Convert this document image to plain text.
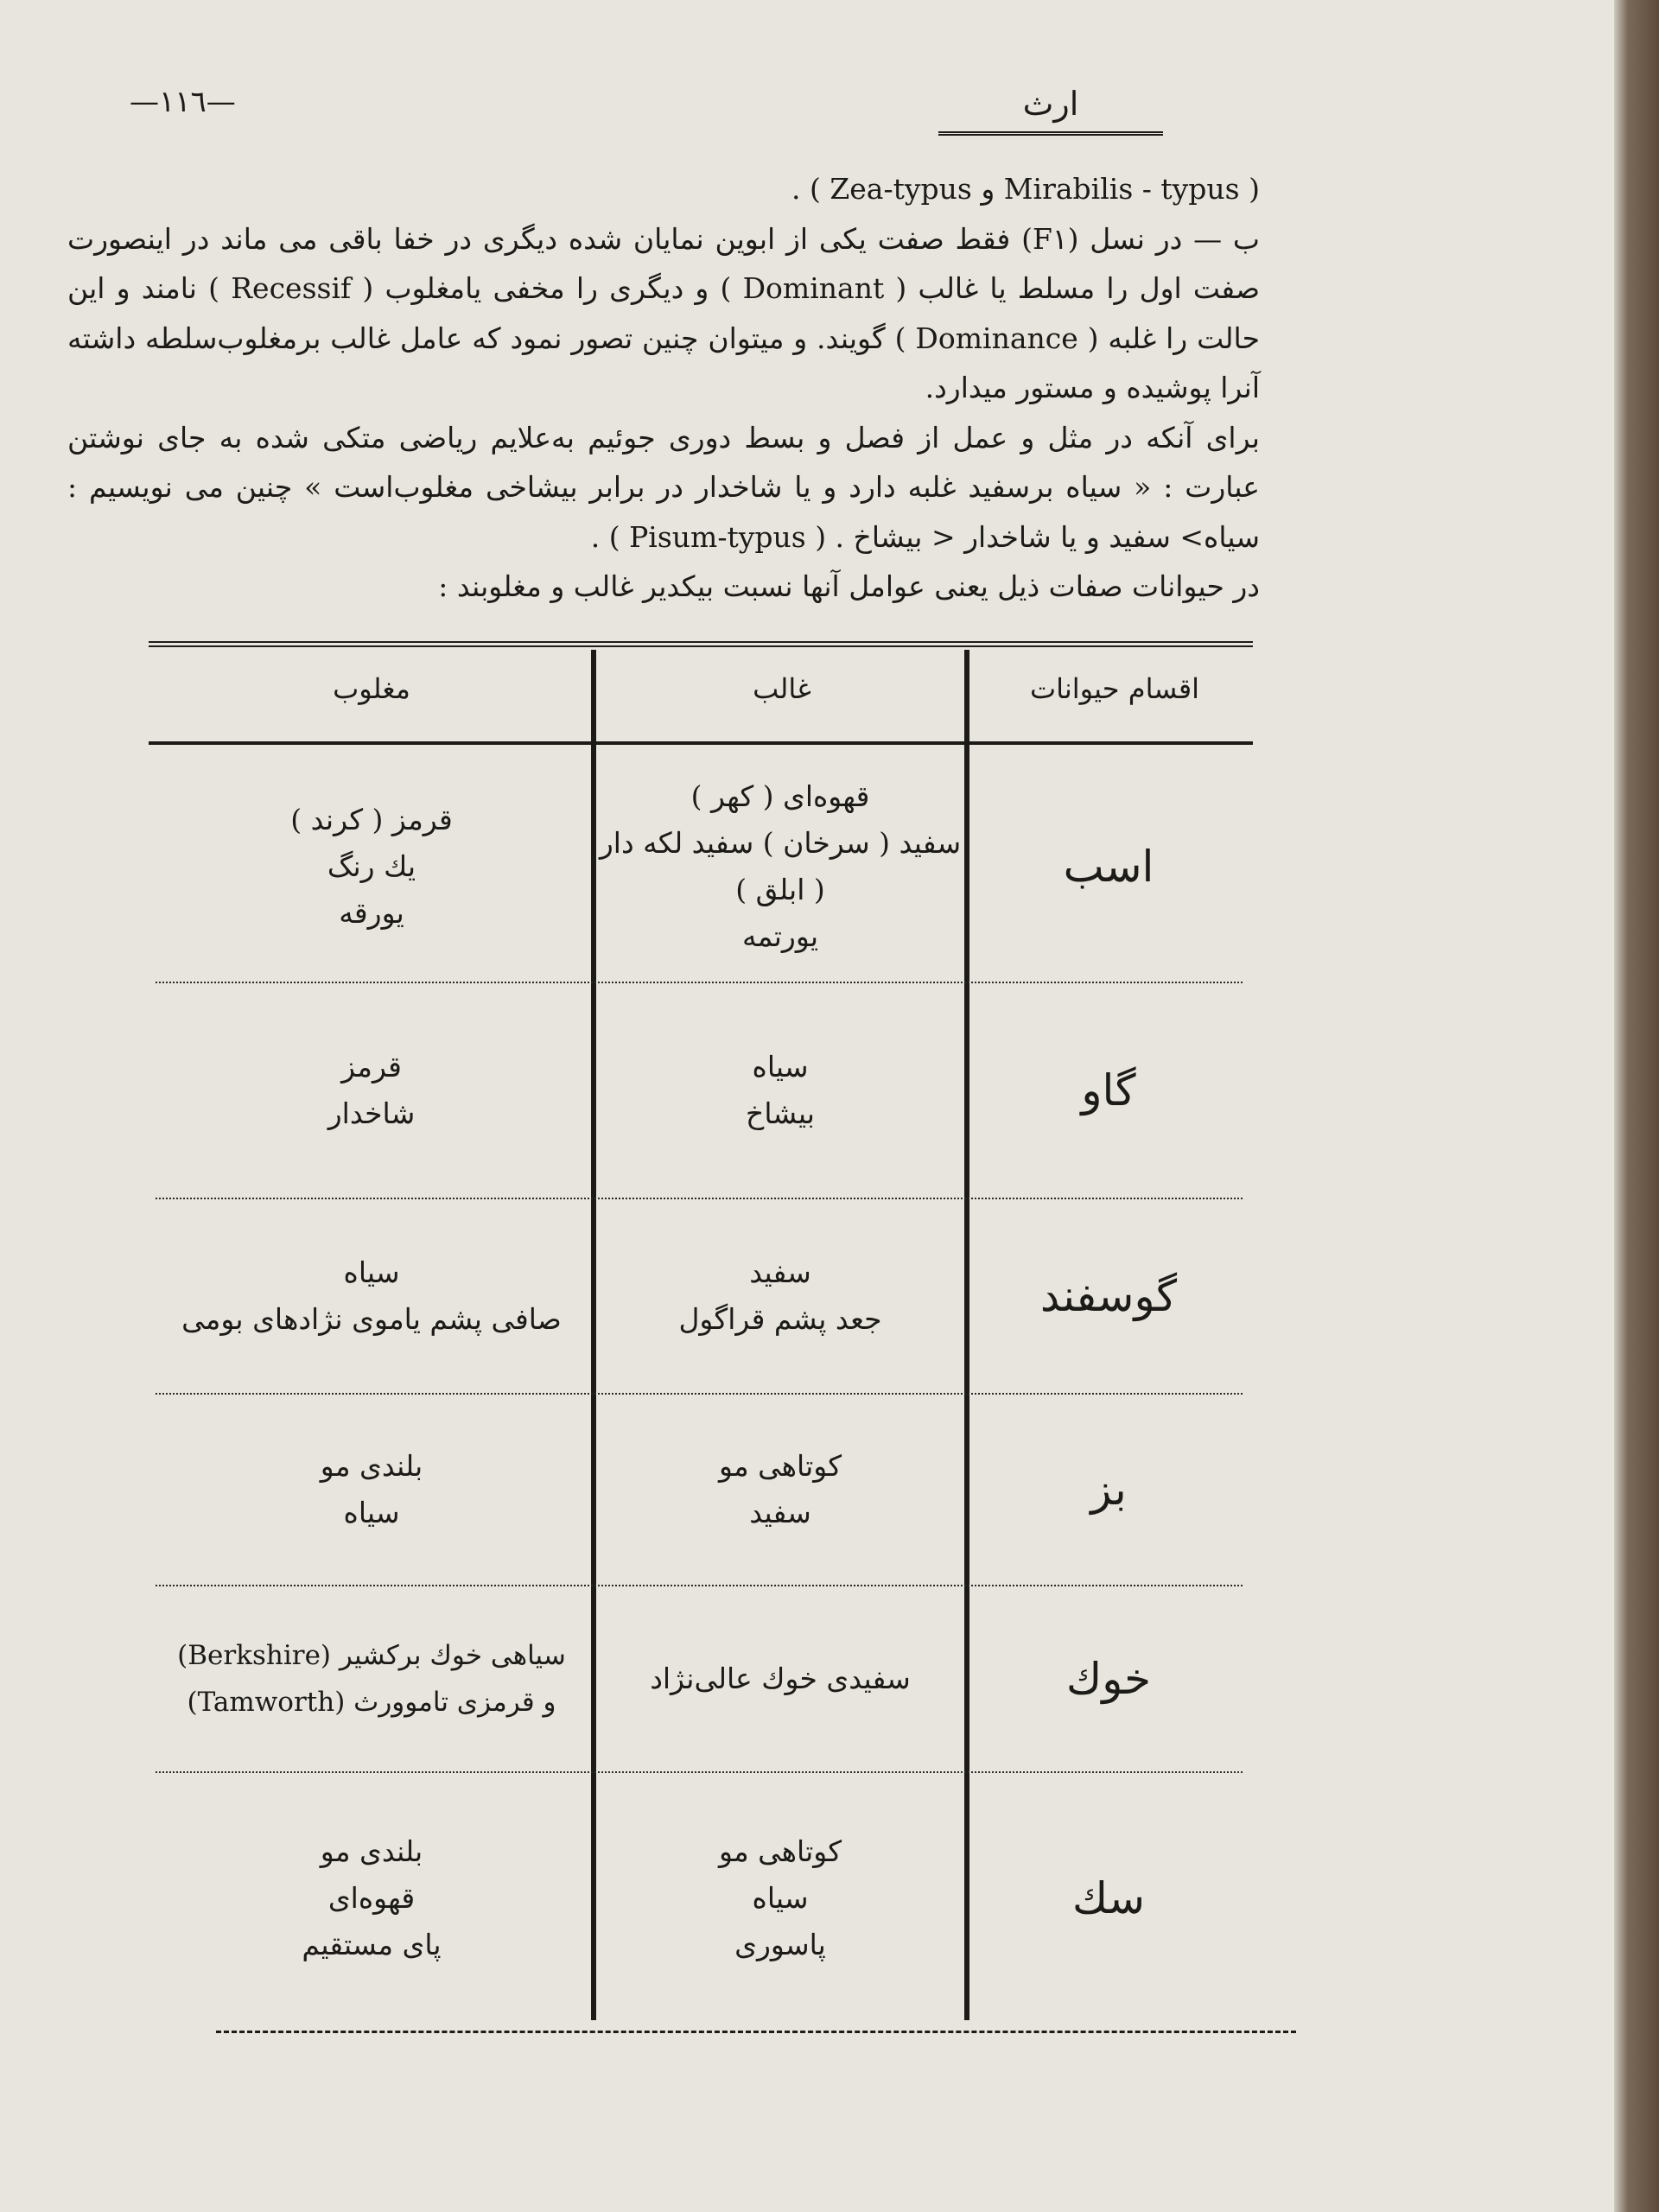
—۱۱٦—	ارث

( Mirabilis - typus و Zea-typus ) .

ب — در نسل (F۱) فقط صفت یکی از ابوین نمایان شده دیگری در خفا باقی می ماند در اینصورت صفت اول را مسلط یا غالب ( Dominant ) و دیگری را مخفی یامغلوب ( Recessif ) نامند و این حالت را غلبه ( Dominance ) گویند. و میتوان چنین تصور نمود که عامل غالب برمغلوب‌سلطه داشته آنرا پوشیده و مستور میدارد.

برای آنکه در مثل و عمل از فصل و بسط دوری جوئیم به‌علایم ریاضی متکی شده به جای نوشتن عبارت : « سیاه برسفید غلبه دارد و یا شاخدار در برابر بیشاخی مغلوب‌است » چنین می نویسیم : سیاه> سفید و یا شاخدار < بیشاخ . ( Pisum-typus ) .

در حیوانات صفات ذیل یعنی عوامل آنها نسبت بیکدیر غالب و مغلوبند :

اقسام حیوانات
غالب
مغلوب
اسب
قهوه‌ای ( کهر )
سفید ( سرخان ) سفید لکه دار
( ابلق )
یورتمه
قرمز ( کرند )
یك رنگ
یورقه
گاو
سیاه
بیشاخ
قرمز
شاخدار
گوسفند
سفید
جعد پشم قراگول
سیاه
صافی پشم یاموی نژادهای بومی
بز
کوتاهی مو
سفید
بلندی مو
سیاه
خوك
سفیدی خوك عالی‌نژاد
سیاهی خوك برکشیر (Berkshire)
و قرمزی تاموورث (Tamworth)
سك
کوتاهی مو
سیاه
پاسوری
بلندی مو
قهوه‌ای
پای مستقیم
